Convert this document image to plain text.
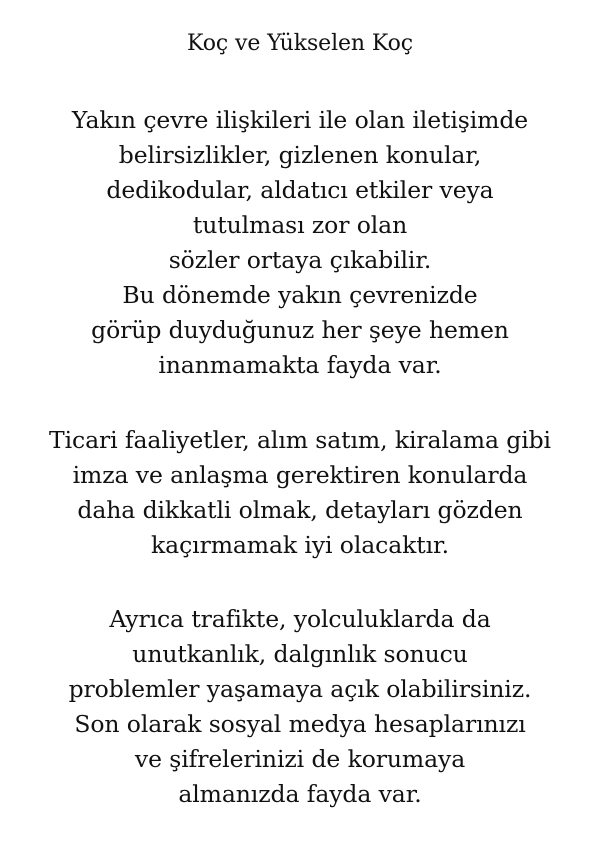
Koç ve Yükselen Koç
Yakın çevre ilişkileri ile olan iletişimde
belirsizlikler, gizlenen konular,
dedikodular, aldatıcı etkiler veya
tutulması zor olan
sözler ortaya çıkabilir.
Bu dönemde yakın çevrenizde
görüp duyduğunuz her şeye hemen
inanmamakta fayda var.
Ticari faaliyetler, alım satım, kiralama gibi
imza ve anlaşma gerektiren konularda
daha dikkatli olmak, detayları gözden
kaçırmamak iyi olacaktır.
Ayrıca trafikte, yolculuklarda da
unutkanlık, dalgınlık sonucu
problemler yaşamaya açık olabilirsiniz.
Son olarak sosyal medya hesaplarınızı
ve şifrelerinizi de korumaya
almanızda fayda var.
